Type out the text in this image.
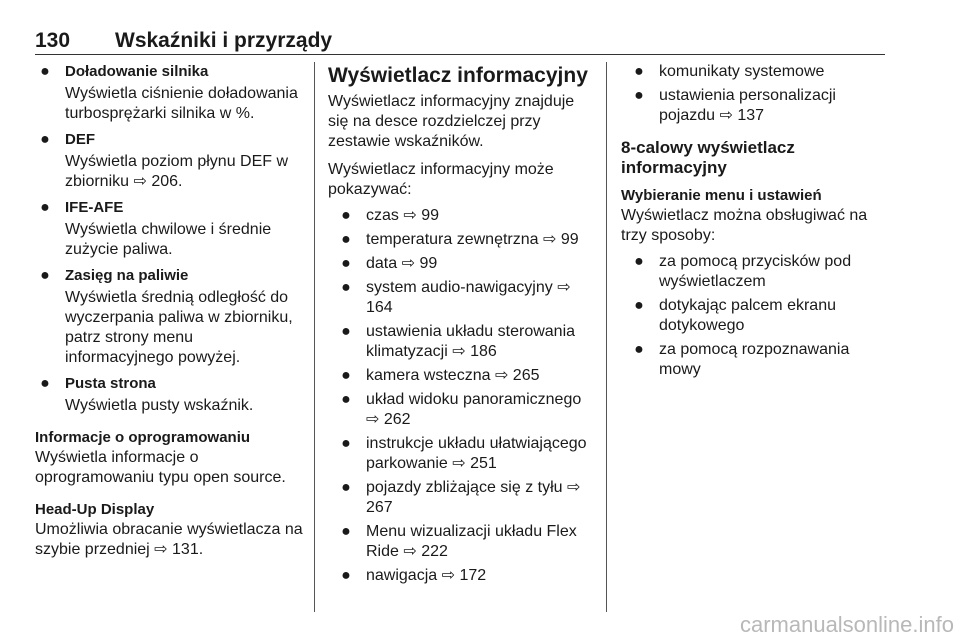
130 Wskaźniki i przyrządy
●	Doładowanie silnika
Wyświetla ciśnienie doładowania turbosprężarki silnika w %.
●	DEF
Wyświetla poziom płynu DEF w zbiorniku ⇨ 206.
●	IFE-AFE
Wyświetla chwilowe i średnie zużycie paliwa.
●	Zasięg na paliwie
Wyświetla średnią odległość do wyczerpania paliwa w zbiorniku, patrz strony menu informacyjnego powyżej.
●	Pusta strona
Wyświetla pusty wskaźnik.
Informacje o oprogramowaniu
Wyświetla informacje o oprogramowaniu typu open source.
Head-Up Display
Umożliwia obracanie wyświetlacza na szybie przedniej ⇨ 131.
Wyświetlacz informacyjny
Wyświetlacz informacyjny znajduje się na desce rozdzielczej przy zestawie wskaźników.
Wyświetlacz informacyjny może pokazywać:
● czas ⇨ 99
● temperatura zewnętrzna ⇨ 99
● data ⇨ 99
● system audio-nawigacyjny ⇨ 164
● ustawienia układu sterowania klimatyzacji ⇨ 186
● kamera wsteczna ⇨ 265
● układ widoku panoramicznego ⇨ 262
● instrukcje układu ułatwiającego parkowanie ⇨ 251
● pojazdy zbliżające się z tyłu ⇨ 267
● Menu wizualizacji układu Flex Ride ⇨ 222
● nawigacja ⇨ 172
● komunikaty systemowe
● ustawienia personalizacji pojazdu ⇨ 137
8-calowy wyświetlacz informacyjny
Wybieranie menu i ustawień
Wyświetlacz można obsługiwać na trzy sposoby:
● za pomocą przycisków pod wyświetlaczem
● dotykając palcem ekranu dotykowego
● za pomocą rozpoznawania mowy
carmanualsonline.info
